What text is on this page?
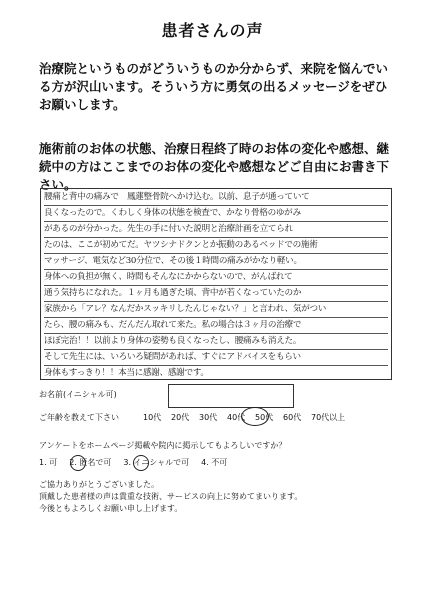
患者さんの声
治療院というものがどういうものか分からず、来院を悩んでいる方が沢山います。そういう方に勇気の出るメッセージをぜひお願いします。
施術前のお体の状態、治療日程終了時のお体の変化や感想、継続中の方はここまでのお体の変化や感想などご自由にお書き下さい。
腰痛と背中の痛みで　鳳蓮整骨院へかけ込む。以前、息子が通っていて
良くなったので。くわしく身体の状態を検査で、かなり骨格のゆがみ
があるのが分かった。先生の手に付いた説明と治療計画を立てられ
たのは、ここが初めてだ。ヤツシナドクンとか振動のあるベッドでの施術
マッサージ、電気など30分位で、その後１時間の痛みがかなり軽い。
身体への負担が無く、時間もそんなにかからないので、がんばれて
通う気持ちになれた。１ヶ月も過ぎた頃、背中が若くなっていたのか
家族から「アレ？なんだかスッキリしたんじゃない？」と言われ、気がつい
たら、腰の痛みも、だんだん取れて来た。私の場合は３ヶ月の治療で
ほぼ完治！！以前より身体の姿勢も良くなったし、腰痛みも消えた。
そして先生には、いろいろ疑問があれば、すぐにアドバイスをもらい
身体もすっきり！！本当に感謝、感謝です。
お名前(イニシャル可)
ご年齢を教えて下さい	10代 20代 30代 40代 50代 60代 70代以上
アンケートをホームページ掲載や院内に掲示してもよろしいですか？
1. 可 2. 匿名で可 3. イニシャルで可 4. 不可
ご協力ありがとうございました。
頂戴した患者様の声は貴重な技術、サービスの向上に努めてまいります。
今後ともよろしくお願い申し上げます。
